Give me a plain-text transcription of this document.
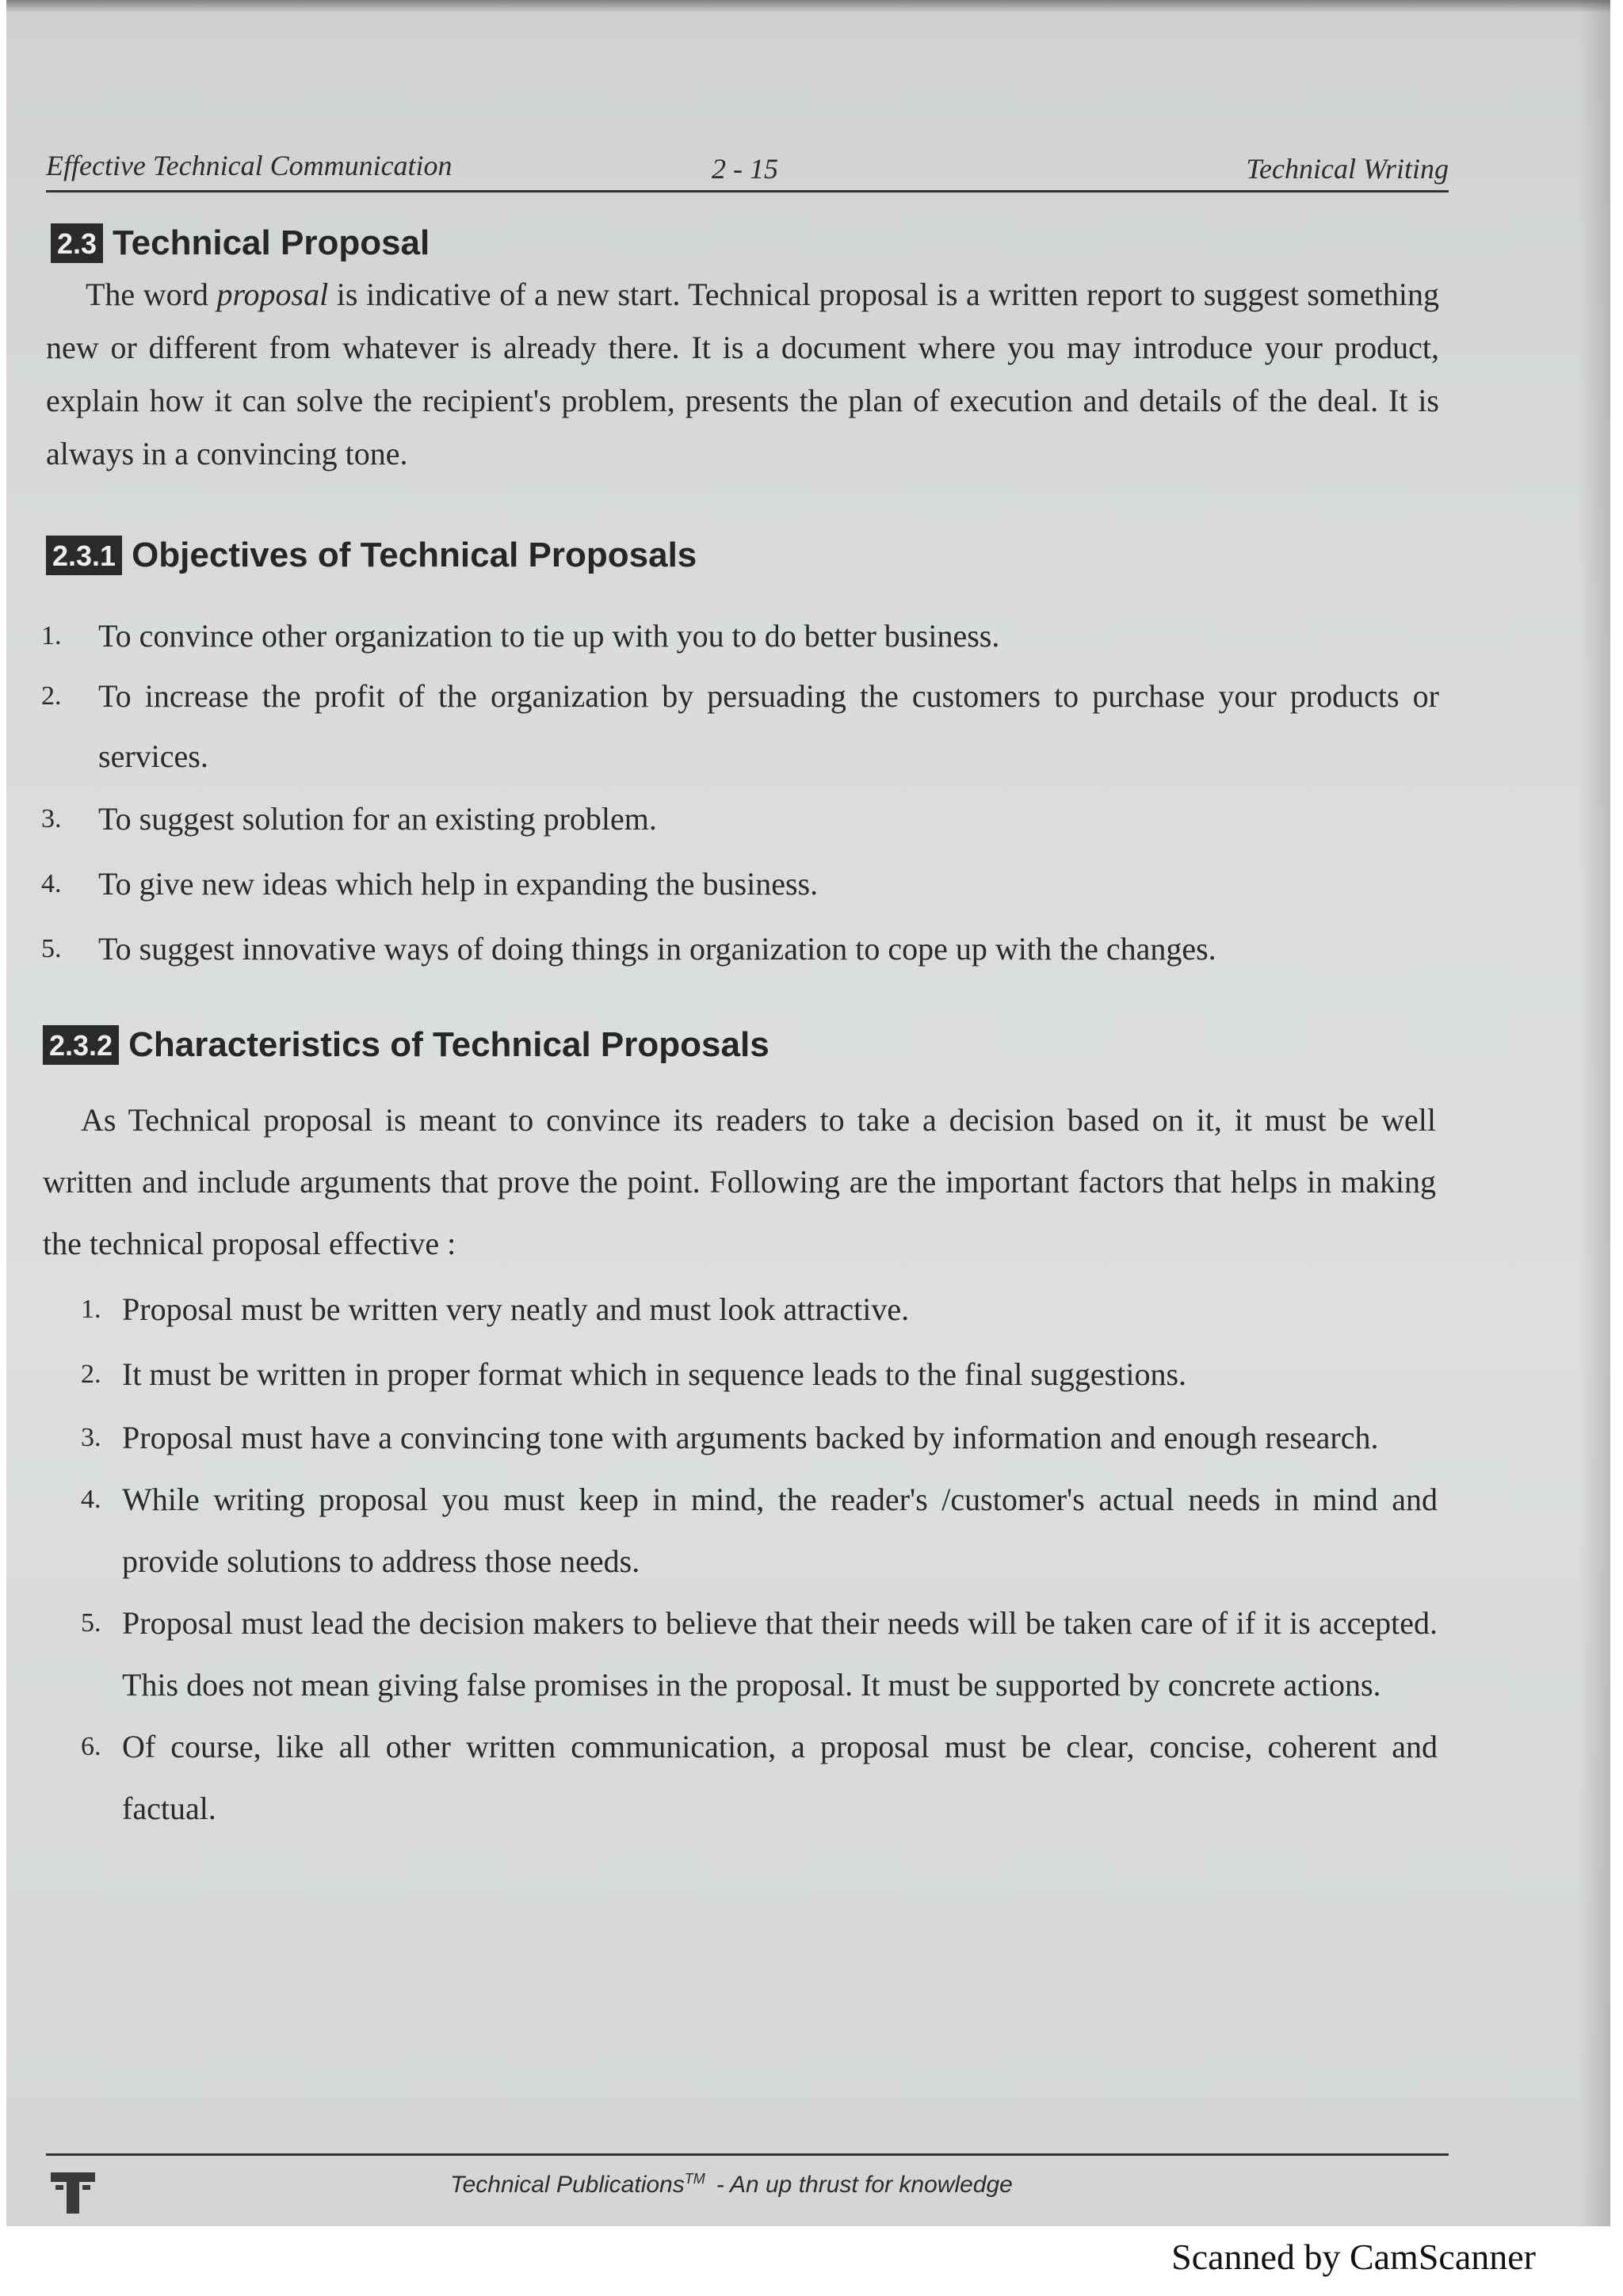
Effective Technical Communication	2 - 15	Technical Writing
2.3 Technical Proposal

The word proposal is indicative of a new start. Technical proposal is a written report to suggest something new or different from whatever is already there. It is a document where you may introduce your product, explain how it can solve the recipient's problem, presents the plan of execution and details of the deal. It is always in a convincing tone.

2.3.1 Objectives of Technical Proposals
1. To convince other organization to tie up with you to do better business.
2. To increase the profit of the organization by persuading the customers to purchase your products or services.
3. To suggest solution for an existing problem.
4. To give new ideas which help in expanding the business.
5. To suggest innovative ways of doing things in organization to cope up with the changes.
2.3.2 Characteristics of Technical Proposals

As Technical proposal is meant to convince its readers to take a decision based on it, it must be well written and include arguments that prove the point. Following are the important factors that helps in making the technical proposal effective :

1. Proposal must be written very neatly and must look attractive.
2. It must be written in proper format which in sequence leads to the final suggestions.
3. Proposal must have a convincing tone with arguments backed by information and enough research.
4. While writing proposal you must keep in mind, the reader's /customer's actual needs in mind and provide solutions to address those needs.
5. Proposal must lead the decision makers to believe that their needs will be taken care of if it is accepted. This does not mean giving false promises in the proposal. It must be supported by concrete actions.
6. Of course, like all other written communication, a proposal must be clear, concise, coherent and factual.
Technical Publications™ - An up thrust for knowledge
Scanned by CamScanner
